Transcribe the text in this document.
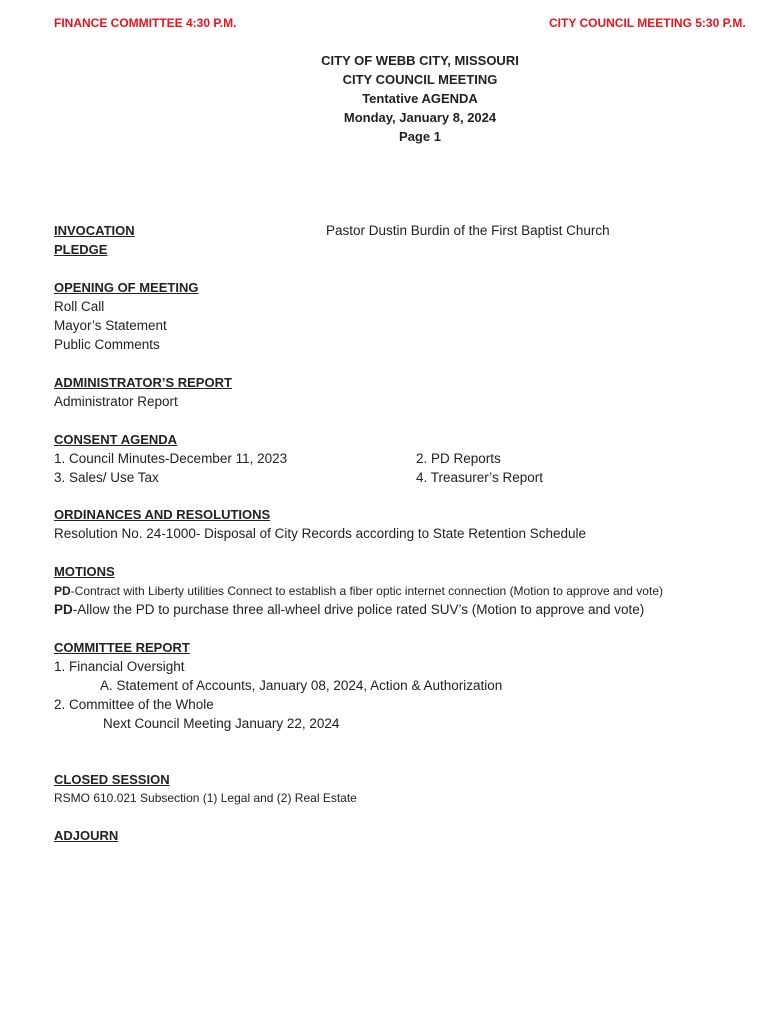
FINANCE COMMITTEE 4:30 P.M.	CITY COUNCIL MEETING 5:30 P.M.
CITY OF WEBB CITY, MISSOURI
CITY COUNCIL MEETING
Tentative AGENDA
Monday, January 8, 2024
Page 1
INVOCATION	Pastor Dustin Burdin of the First Baptist Church
PLEDGE
OPENING OF MEETING
Roll Call
Mayor’s Statement
Public Comments
ADMINISTRATOR’S REPORT
Administrator Report
CONSENT AGENDA
1. Council Minutes-December 11, 2023	2. PD Reports
3. Sales/ Use Tax	4. Treasurer’s Report
ORDINANCES AND RESOLUTIONS
Resolution No. 24-1000- Disposal of City Records according to State Retention Schedule
MOTIONS
PD-Contract with Liberty utilities Connect to establish a fiber optic internet connection (Motion to approve and vote)
PD-Allow the PD to purchase three all-wheel drive police rated SUV’s (Motion to approve and vote)
COMMITTEE REPORT
1. Financial Oversight
A. Statement of Accounts, January 08, 2024, Action & Authorization
2. Committee of the Whole
Next Council Meeting January 22, 2024
CLOSED SESSION
RSMO 610.021 Subsection (1) Legal and (2) Real Estate
ADJOURN
